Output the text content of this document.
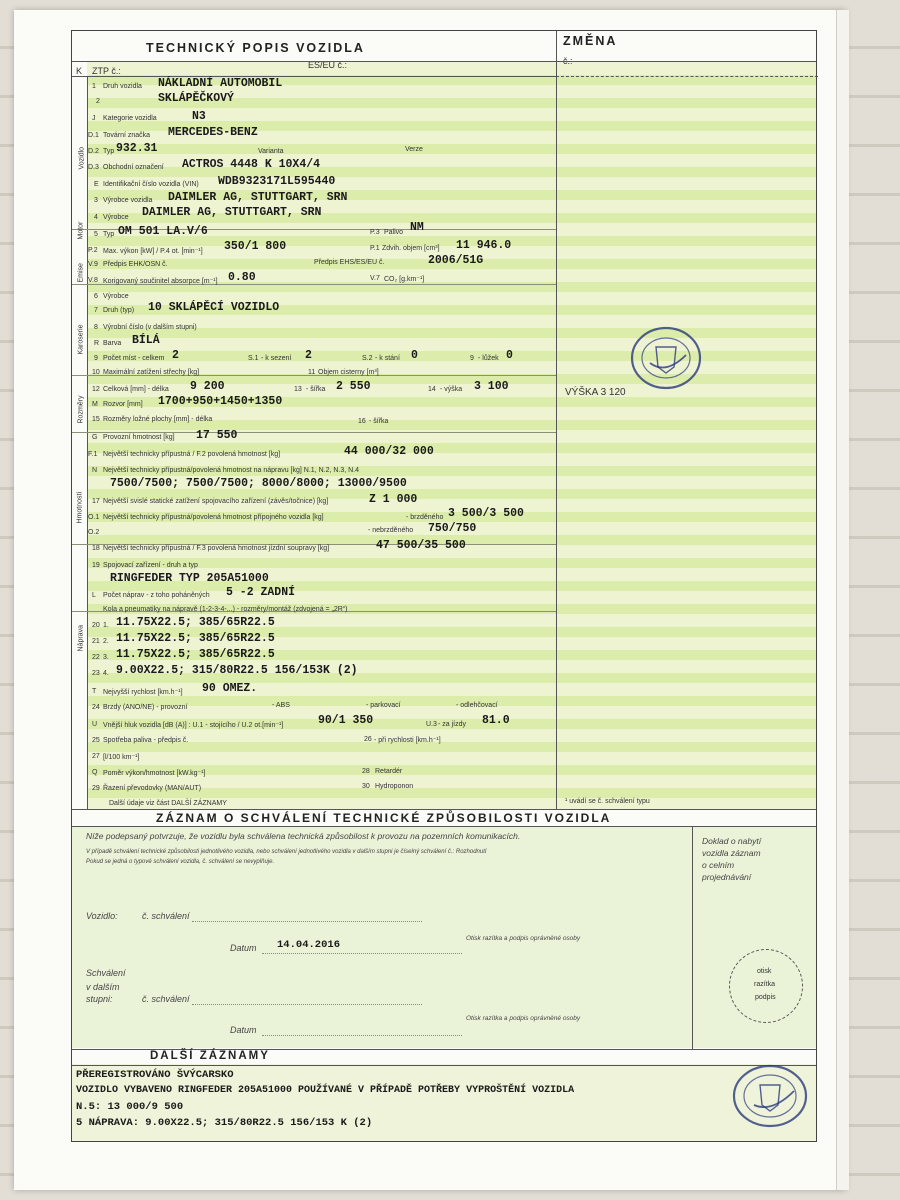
TECHNICKÝ POPIS VOZIDLA	ZMĚNA
K ZTP č.:
ES/EU č.:	č.:
Vozidlo
Motor
Emise
Karoserie
Rozměry
Hmotnosti
Náprava
1 Druh vozidla NÁKLADNÍ AUTOMOBIL
2	SKLÁPĚČKOVÝ
J Kategorie vozidla	N3
D.1 Tovární značka MERCEDES-BENZ
D.2 Typ 932.31	Varianta	Verze
D.3 Obchodní označení ACTROS 4448 K 10X4/4
E Identifikační číslo vozidla (VIN) WDB9323171L595440
3 Výrobce vozidla DAIMLER AG, STUTTGART, SRN
4 Výrobce DAIMLER AG, STUTTGART, SRN
5 Typ OM 501 LA.V/6	P.3 Palivo NM
P.2 Max. výkon [kW] / P.4 ot. [min⁻¹] 350/1 800	P.1 Zdvih. objem [cm³] 11 946.0
V.9 Předpis EHK/OSN č.	Předpis EHS/ES/EU č.	2006/51G
V.8 Korigovaný součinitel absorpce [m⁻¹] 0.80	V.7 CO₂ [g.km⁻¹]
6 Výrobce
7 Druh (typ) 10 SKLÁPĚCÍ VOZIDLO
8 Výrobní číslo (v dalším stupni)
R Barva BÍLÁ
9 Počet míst - celkem 2	S.1 - k sezení 2	S.2 - k stání 0	9 - lůžek 0
10 Maximální zatížení střechy [kg]	11 Objem cisterny [m³]
12 Celková [mm] - délka 9 200	13 - šířka 2 550	14 - výška 3 100
M Rozvor [mm] 1700+950+1450+1350
15 Rozměry ložné plochy [mm] - délka	16 - šířka
G Provozní hmotnost [kg] 17 550
F.1 Největší technicky přípustná / F.2 povolená hmotnost [kg]	44 000/32 000
N Největší technicky přípustná/povolená hmotnost na nápravu [kg] N.1, N.2, N.3, N.4
7500/7500; 7500/7500; 8000/8000; 13000/9500
17 Největší svislé statické zatížení spojovacího zařízení (závěs/točnice) [kg]	Z 1 000
O.1 Největší technicky přípustná/povolená hmotnost přípojného vozidla [kg]	- brzděného 3 500/3 500
O.2	- nebrzděného 750/750
18 Největší technicky přípustná / F.3 povolená hmotnost jízdní soupravy [kg]	47 500/35 500
19 Spojovací zařízení - druh a typ
RINGFEDER TYP 205A51000
L Počet náprav - z toho poháněných 5 -2 ZADNÍ
Kola a pneumatiky na nápravě (1-2-3-4-...) - rozměry/montáž (zdvojená = „2R“)
20 1. 11.75X22.5; 385/65R22.5
21 2. 11.75X22.5; 385/65R22.5
22 3. 11.75X22.5; 385/65R22.5
23 4. 9.00X22.5; 315/80R22.5 156/153K (2)
T Nejvyšší rychlost [km.h⁻¹] 90 OMEZ.
24 Brzdy (ANO/NE) - provozní	- ABS	- parkovací	- odlehčovací
U Vnější hluk vozidla [dB (A)] : U.1 - stojícího / U.2 ot.[min⁻¹]	90/1 350	U.3 - za jízdy 81.0
25 Spotřeba paliva - předpis č.	26 - při rychlosti [km.h⁻¹]
27 [l/100 km⁻¹]
Q Poměr výkon/hmotnost [kW.kg⁻¹]	28 Retardér
29 Řazení převodovky (MAN/AUT)	30 Hydroponon
Další údaje viz část DALŠÍ ZÁZNAMY
VÝŠKA 3 120
¹ uvádí se č. schválení typu
ZÁZNAM O SCHVÁLENÍ TECHNICKÉ ZPŮSOBILOSTI VOZIDLA
Níže podepsaný potvrzuje, že vozidlu byla schválena technická způsobilost k provozu na pozemních komunikacích.
V případě schválení technické způsobilosti jednotlivého vozidla, nebo schválení jednotlivého vozidla v dalším stupni je číselný schválení č.: Rozhodnutí
Pokud se jedná o typové schválení vozidla, č. schválení se nevyplňuje.
Doklad o nabytí
vozidla záznam
o celním
projednávání
Vozidlo:	č. schválení
Otisk razítka a podpis oprávněné osoby
Datum 14.04.2016
Schválení
v dalším
stupni:	č. schválení
Otisk razítka a podpis oprávněné osoby
Datum
otisk
razítka
podpis
DALŠÍ ZÁZNAMY
PŘEREGISTROVÁNO ŠVÝCARSKO
VOZIDLO VYBAVENO RINGFEDER 205A51000 POUŽÍVANÉ V PŘÍPADĚ POTŘEBY VYPROŠTĚNÍ VOZIDLA
N.5: 13 000/9 500
5 NÁPRAVA: 9.00X22.5; 315/80R22.5 156/153 K (2)
